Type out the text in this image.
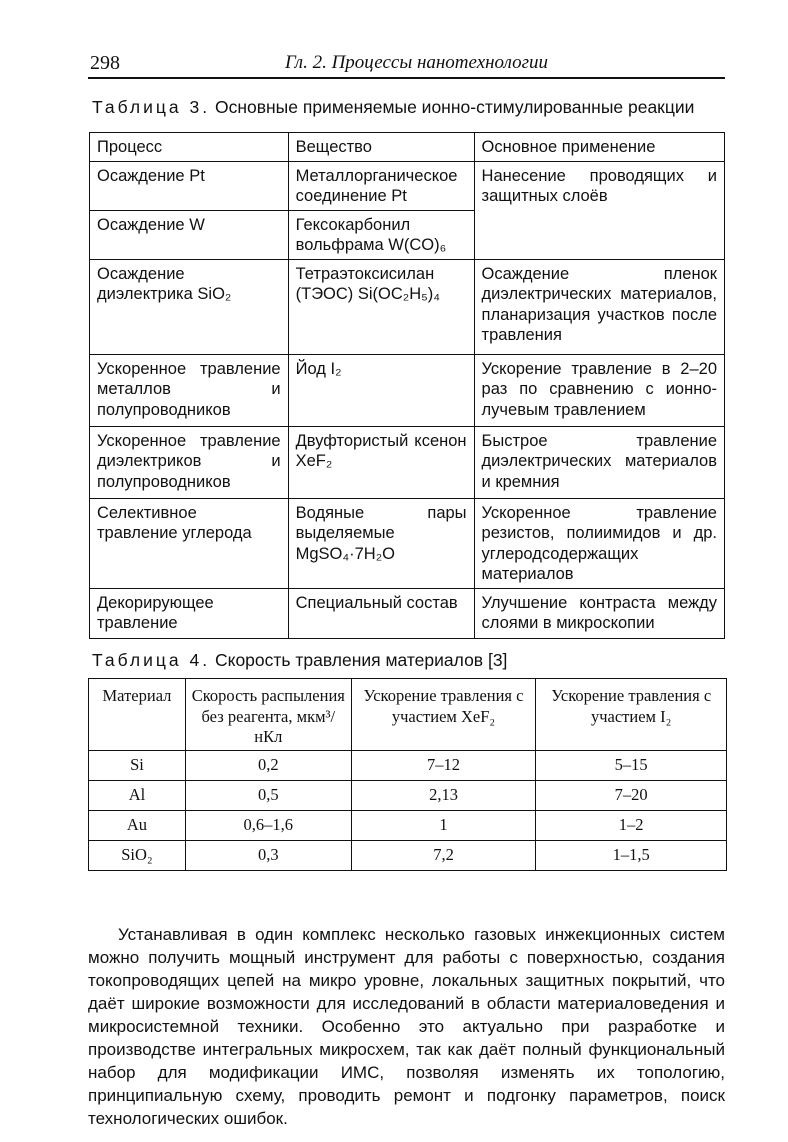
298	Гл. 2. Процессы нанотехнологии
Таблица 3. Основные применяемые ионно-стимулированные реакции
Процесс	Вещество	Основное применение
Осаждение Pt	Металлорганическое соединение Pt	Нанесение проводящих и защитных слоёв
Осаждение W	Гексокарбонил вольфрама W(CO)₆	
Осаждение диэлектрика SiO₂	Тетраэтоксисилан (ТЭОС) Si(OC₂H₅)₄	Осаждение пленок диэлектрических материалов, планаризация участков после травления
Ускоренное травление металлов и полупроводников	Йод I₂	Ускорение травление в 2–20 раз по сравнению с ионно-лучевым травлением
Ускоренное травление диэлектриков и полупроводников	Двуфтористый ксенон XeF₂	Быстрое травление диэлектрических материалов и кремния
Селективное травление углерода	Водяные пары выделяемые MgSO₄·7H₂O	Ускоренное травление резистов, полиимидов и др. углеродсодержащих материалов
Декорирующее травление	Специальный состав	Улучшение контраста между слоями в микроскопии
Таблица 4. Скорость травления материалов [3]
Материал	Скорость распыления без реагента, мкм³/нКл	Ускорение травления с участием XeF₂	Ускорение травления с участием I₂
Si	0,2	7–12	5–15
Al	0,5	2,13	7–20
Au	0,6–1,6	1	1–2
SiO₂	0,3	7,2	1–1,5

Устанавливая в один комплекс несколько газовых инжекционных систем можно получить мощный инструмент для работы с поверхностью, создания токопроводящих цепей на микро уровне, локальных защитных покрытий, что даёт широкие возможности для исследований в области материаловедения и микросистемной техники. Особенно это актуально при разработке и производстве интегральных микросхем, так как даёт полный функциональный набор для модификации ИМС, позволяя изменять их топологию, принципиальную схему, проводить ремонт и подгонку параметров, поиск технологических ошибок.
